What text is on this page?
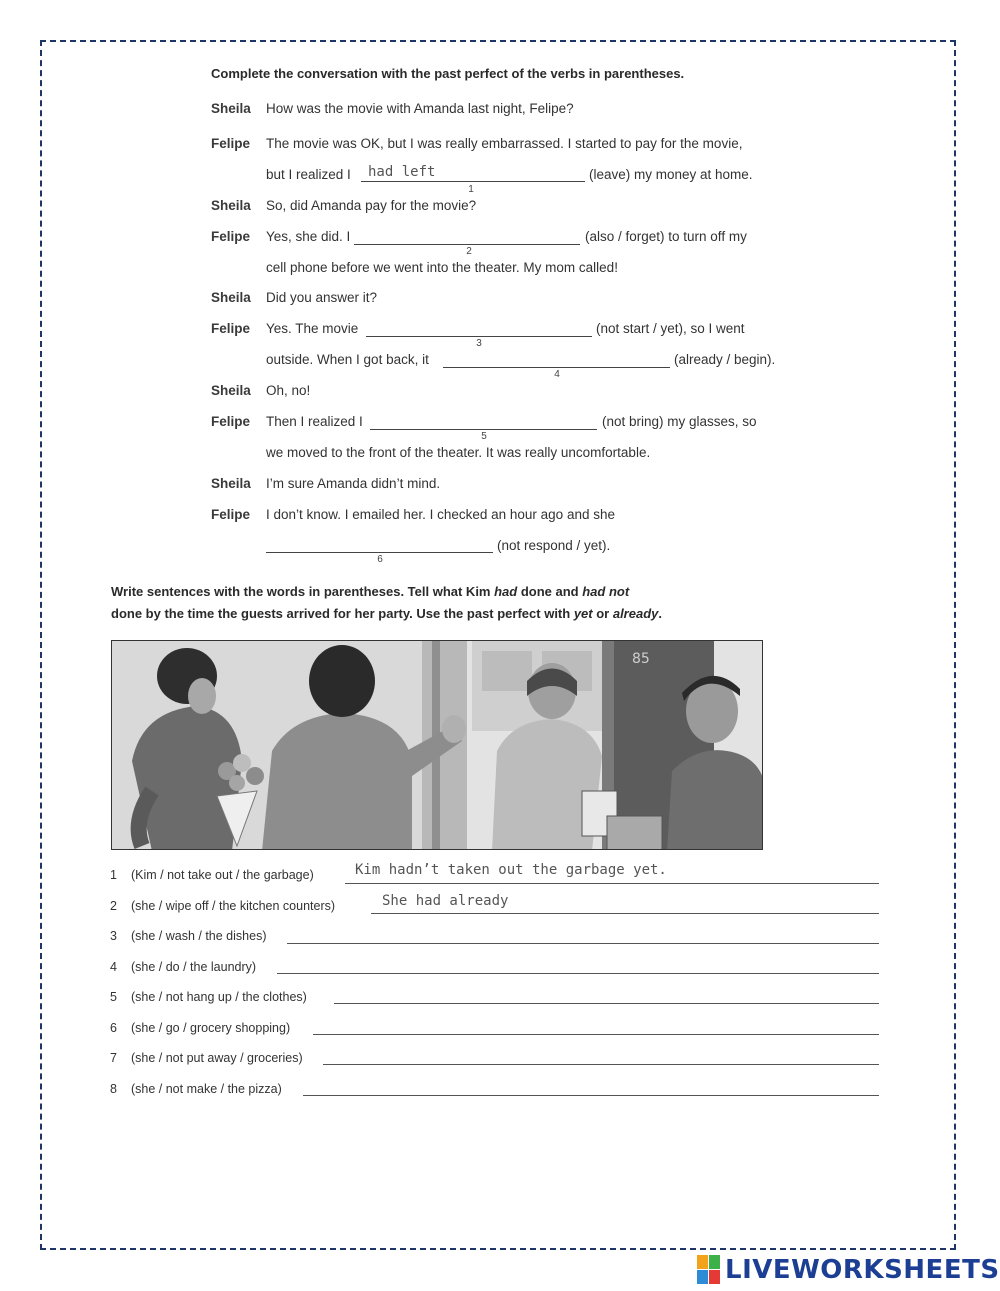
Complete the conversation with the past perfect of the verbs in parentheses.
Sheila How was the movie with Amanda last night, Felipe?
Felipe The movie was OK, but I was really embarrassed. I started to pay for the movie,
but I realized I had left
1
(leave) my money at home.
Sheila So, did Amanda pay for the movie?
Felipe Yes, she did. I
2
(also / forget) to turn off my
cell phone before we went into the theater. My mom called!
Sheila Did you answer it?
Felipe Yes. The movie
3
(not start / yet), so I went
outside. When I got back, it
4
(already / begin).
Sheila Oh, no!
Felipe Then I realized I
5
(not bring) my glasses, so
we moved to the front of the theater. It was really uncomfortable.
Sheila I’m sure Amanda didn’t mind.
Felipe I don’t know. I emailed her. I checked an hour ago and she
6
(not respond / yet).
Write sentences with the words in parentheses. Tell what Kim had done and had not
done by the time the guests arrived for her party. Use the past perfect with yet or already.
85
1 (Kim / not take out / the garbage)	Kim hadn’t taken out the garbage yet.
2 (she / wipe off / the kitchen counters)	She had already
3 (she / wash / the dishes)
4 (she / do / the laundry)
5 (she / not hang up / the clothes)
6 (she / go / grocery shopping)
7 (she / not put away / groceries)
8 (she / not make / the pizza)
LIVEWORKSHEETS
